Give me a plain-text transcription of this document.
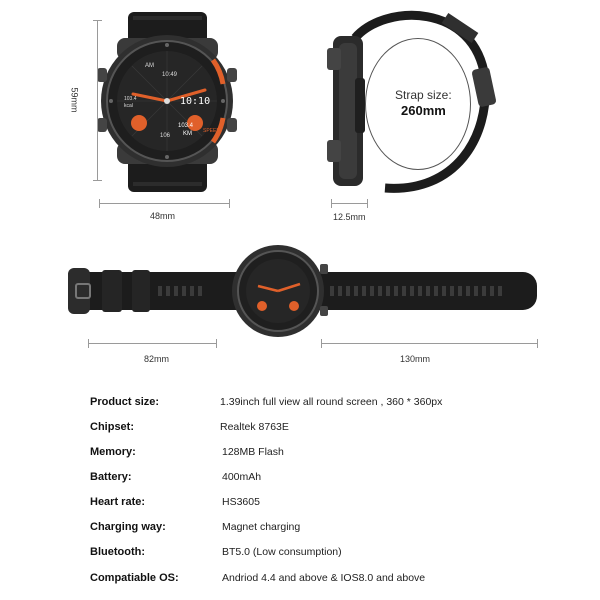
AM
10:49
10:10
103.4
kcal
106
103.4
KM SPEED
59mm
48mm
Strap size:
260mm
12.5mm
82mm	130mm
Product size:	1.39inch full view all round screen , 360 * 360px
Chipset:	Realtek 8763E
Memory:	128MB Flash
Battery:	400mAh
Heart rate:	HS3605
Charging way:	Magnet charging
Bluetooth:	BT5.0 (Low consumption)
Compatiable OS:	Andriod 4.4 and above & IOS8.0 and above
